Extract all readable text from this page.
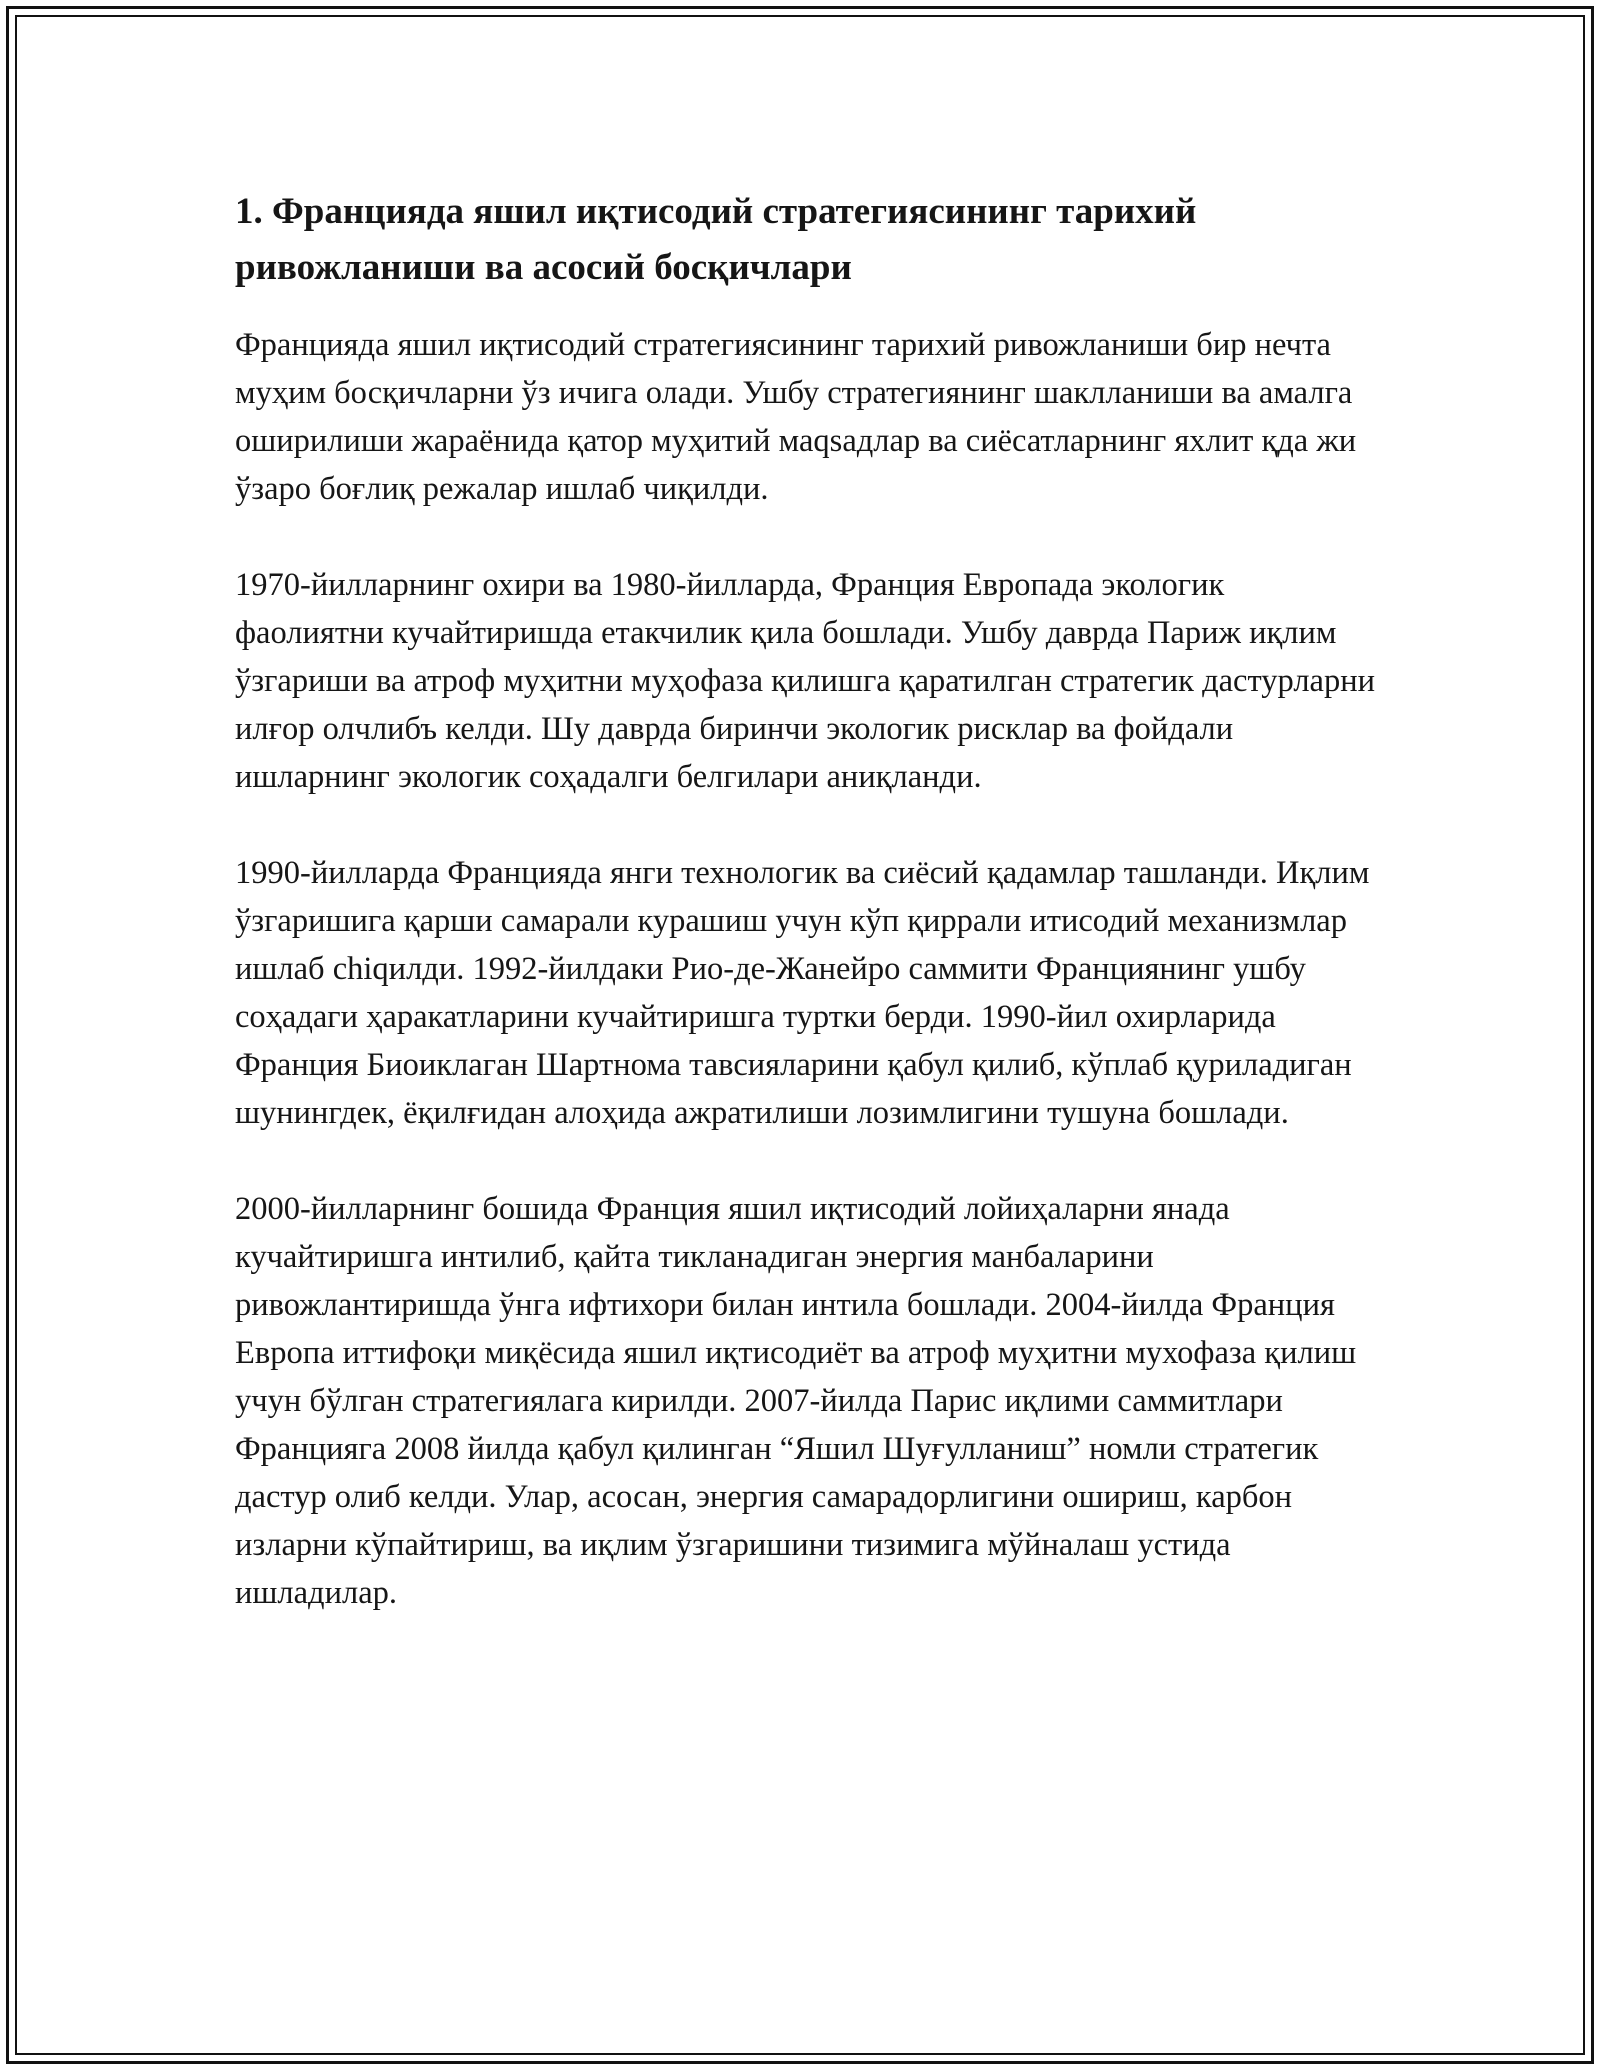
1. Францияда яшил иқтисодий стратегиясининг тарихий ривожланиши ва асосий босқичлари

Францияда яшил иқтисодий стратегиясининг тарихий ривожланиши бир нечта муҳим босқичларни ўз ичига олади. Ушбу стратегиянинг шаклланиши ва амалга оширилиши жараёнида қатор муҳитий маqsадлар ва сиёсатларнинг яхлит қда жи ўзаро боғлиқ режалар ишлаб чиқилди.

1970-йилларнинг охири ва 1980-йилларда, Франция Европада экологик фаолиятни кучайтиришда етакчилик қила бошлади. Ушбу даврда Париж иқлим ўзгариши ва атроф муҳитни муҳофаза қилишга қаратилган стратегик дастурларни илғор олчлибъ келди. Шу даврда биринчи экологик рисклар ва фойдали ишларнинг экологик соҳадалги белгилари аниқланди.

1990-йилларда Францияда янги технологик ва сиёсий қадамлар ташланди. Иқлим ўзгаришига қарши самарали курашиш учун кўп қиррали итисодий механизмлар ишлаб chiqилди. 1992-йилдаки Рио-де-Жанейро саммити Франциянинг ушбу соҳадаги ҳаракатларини кучайтиришга туртки берди. 1990-йил охирларида Франция Биоиклаган Шартнома тавсияларини қабул қилиб, кўплаб қуриладиган шунингдек, ёқилғидан алоҳида ажратилиши лозимлигини тушуна бошлади.

2000-йилларнинг бошида Франция яшил иқтисодий лойиҳаларни янада кучайтиришга интилиб, қайта тикланадиган энергия манбаларини ривожлантиришда ўнга ифтихори билан интила бошлади. 2004-йилда Франция Европа иттифоқи миқёсида яшил иқтисодиёт ва атроф муҳитни мухофаза қилиш учун бўлган стратегиялага кирилди. 2007-йилда Парис иқлими саммитлари Францияга 2008 йилда қабул қилинган “Яшил Шуғулланиш” номли стратегик дастур олиб келди. Улар, асосан, энергия самарадорлигини ошириш, карбон изларни кўпайтириш, ва иқлим ўзгаришини тизимига мўйналаш устида ишладилар.
